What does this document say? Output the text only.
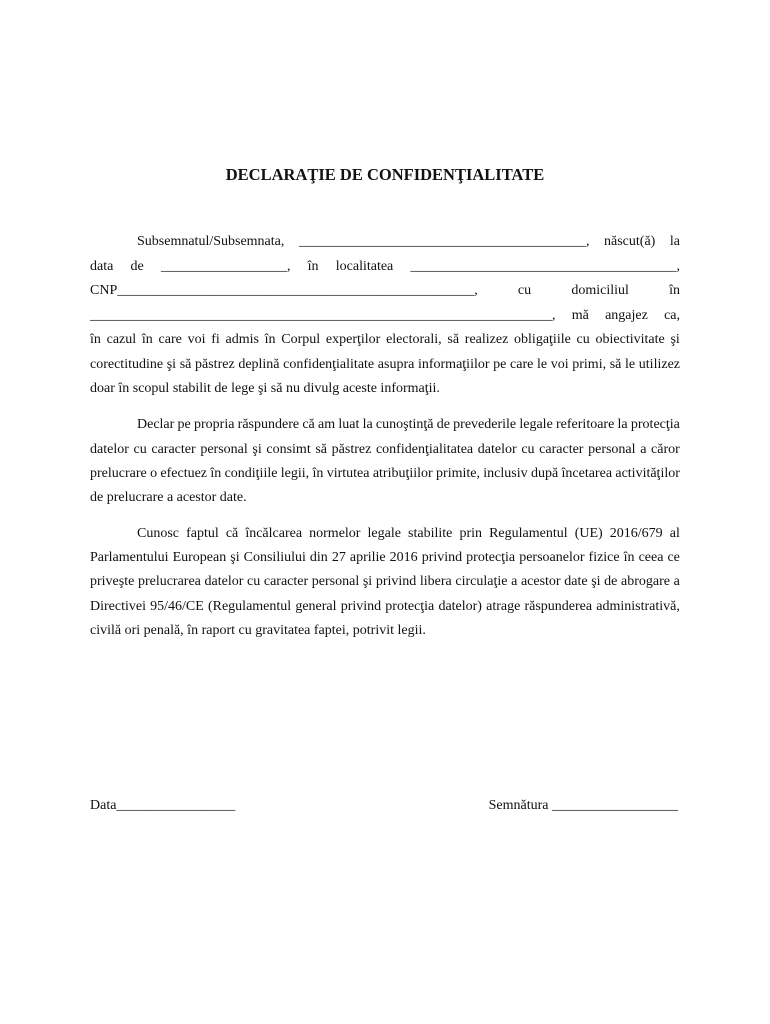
DECLARAŢIE DE CONFIDENŢIALITATE
Subsemnatul/Subsemnata, _________________________________________, născut(ă) la
data de __________________, în localitatea ______________________________________,
CNP___________________________________________________,	cu	domiciliul	în
__________________________________________________________________, mă angajez ca,
în cazul în care voi fi admis în Corpul experţilor electorali, să realizez obligaţiile cu obiectivitate şi
corectitudine şi să păstrez deplină confidenţialitate asupra informaţiilor pe care le voi primi, să le utilizez
doar în scopul stabilit de lege şi să nu divulg aceste informaţii.
Declar pe propria răspundere că am luat la cunoştinţă de prevederile legale referitoare la protecţia
datelor cu caracter personal şi consimt să păstrez confidenţialitatea datelor cu caracter personal a căror
prelucrare o efectuez în condiţiile legii, în virtutea atribuţiilor primite, inclusiv după încetarea activităţilor
de prelucrare a acestor date.
Cunosc faptul că încălcarea normelor legale stabilite prin Regulamentul (UE) 2016/679 al
Parlamentului European şi Consiliului din 27 aprilie 2016 privind protecţia persoanelor fizice în ceea ce
priveşte prelucrarea datelor cu caracter personal şi privind libera circulaţie a acestor date şi de abrogare a
Directivei 95/46/CE (Regulamentul general privind protecţia datelor) atrage răspunderea administrativă,
civilă ori penală, în raport cu gravitatea faptei, potrivit legii.
Data_________________	Semnătura __________________
